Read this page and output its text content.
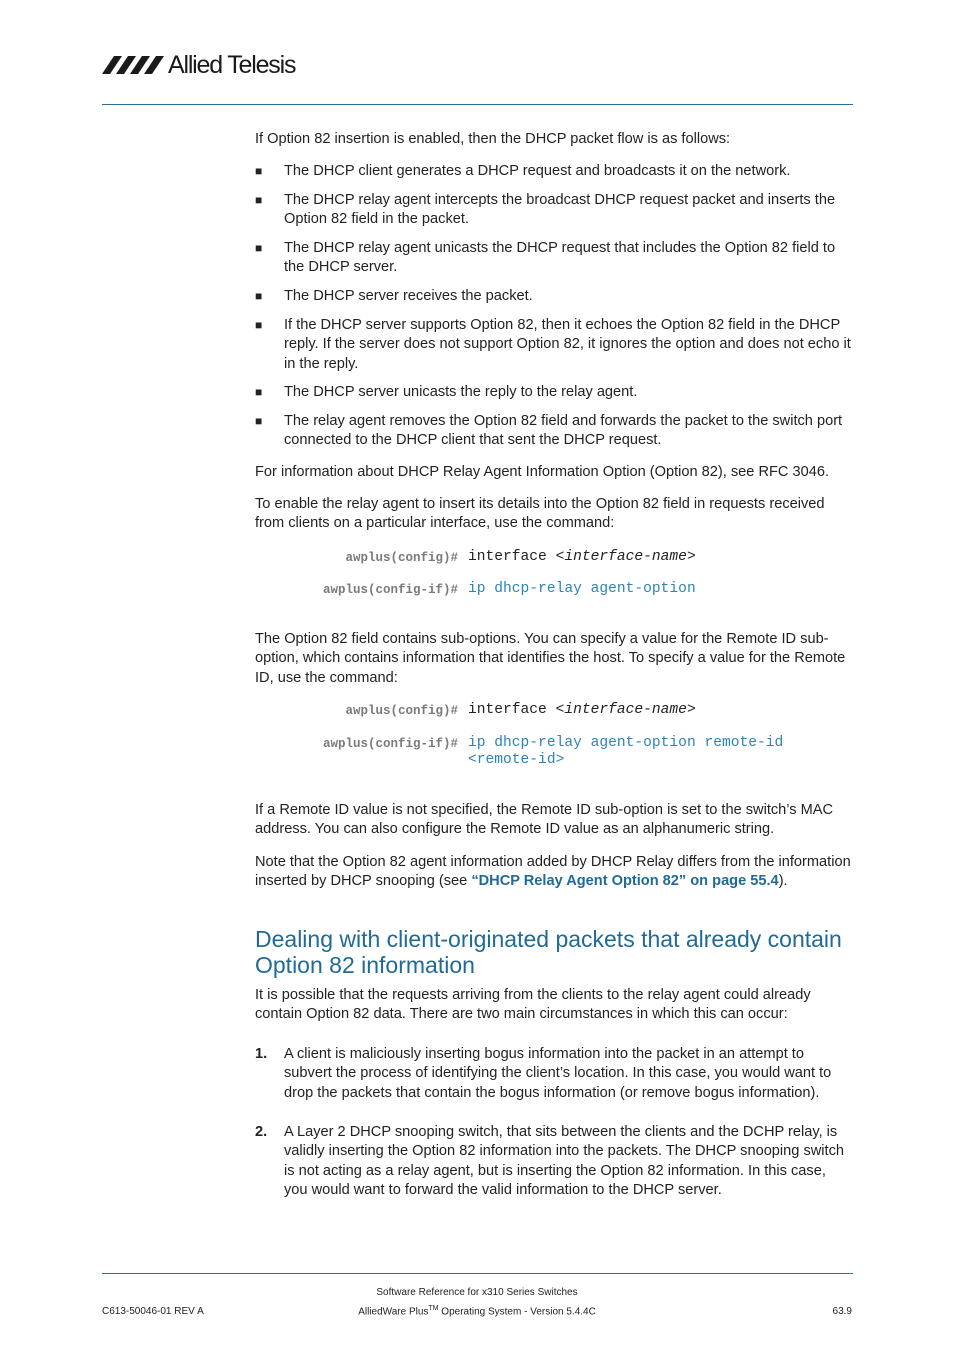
Allied Telesis
If Option 82 insertion is enabled, then the DHCP packet flow is as follows:
■ The DHCP client generates a DHCP request and broadcasts it on the network.
■ The DHCP relay agent intercepts the broadcast DHCP request packet and inserts the Option 82 field in the packet.
■ The DHCP relay agent unicasts the DHCP request that includes the Option 82 field to the DHCP server.
■ The DHCP server receives the packet.
■ If the DHCP server supports Option 82, then it echoes the Option 82 field in the DHCP reply. If the server does not support Option 82, it ignores the option and does not echo it in the reply.
■ The DHCP server unicasts the reply to the relay agent.
■ The relay agent removes the Option 82 field and forwards the packet to the switch port connected to the DHCP client that sent the DHCP request.
For information about DHCP Relay Agent Information Option (Option 82), see RFC 3046.
To enable the relay agent to insert its details into the Option 82 field in requests received from clients on a particular interface, use the command:
awplus(config)# interface <interface-name>
awplus(config-if)# ip dhcp-relay agent-option
The Option 82 field contains sub-options. You can specify a value for the Remote ID sub-option, which contains information that identifies the host. To specify a value for the Remote ID, use the command:
awplus(config)# interface <interface-name>
awplus(config-if)# ip dhcp-relay agent-option remote-id <remote-id>
If a Remote ID value is not specified, the Remote ID sub-option is set to the switch’s MAC address. You can also configure the Remote ID value as an alphanumeric string.
Note that the Option 82 agent information added by DHCP Relay differs from the information inserted by DHCP snooping (see “DHCP Relay Agent Option 82” on page 55.4).
Dealing with client-originated packets that already contain Option 82 information
It is possible that the requests arriving from the clients to the relay agent could already contain Option 82 data. There are two main circumstances in which this can occur:
1. A client is maliciously inserting bogus information into the packet in an attempt to subvert the process of identifying the client’s location. In this case, you would want to drop the packets that contain the bogus information (or remove bogus information).
2. A Layer 2 DHCP snooping switch, that sits between the clients and the DCHP relay, is validly inserting the Option 82 information into the packets. The DHCP snooping switch is not acting as a relay agent, but is inserting the Option 82 information. In this case, you would want to forward the valid information to the DHCP server.
Software Reference for x310 Series Switches
AlliedWare Plus™ Operating System - Version 5.4.4C
C613-50046-01 REV A	63.9
